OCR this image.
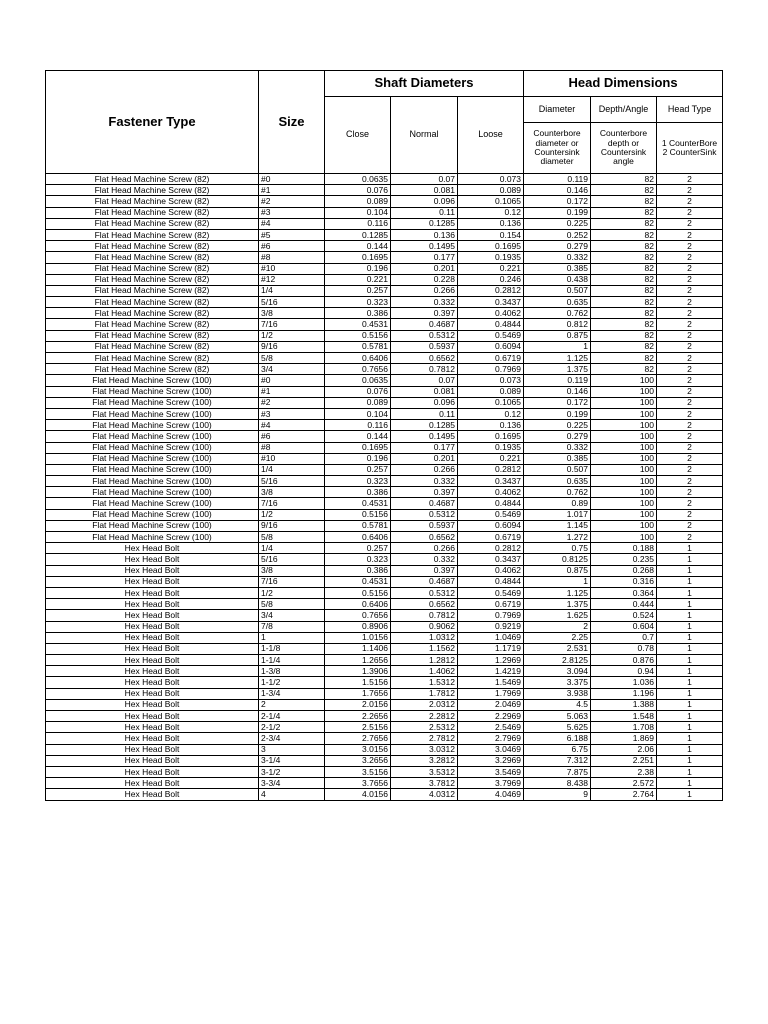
Fastener Type	Size	Shaft Diameters			Head Dimensions		
		Close	Normal	Loose	Diameter	Depth/Angle	Head Type
					Counterbore diameter or Countersink diameter	Counterbore depth or Countersink angle	1 CounterBore 2 CounterSink
Flat Head Machine Screw (82)	#0	0.0635	0.07	0.073	0.119	82	2
Flat Head Machine Screw (82)	#1	0.076	0.081	0.089	0.146	82	2
Flat Head Machine Screw (82)	#2	0.089	0.096	0.1065	0.172	82	2
Flat Head Machine Screw (82)	#3	0.104	0.11	0.12	0.199	82	2
Flat Head Machine Screw (82)	#4	0.116	0.1285	0.136	0.225	82	2
Flat Head Machine Screw (82)	#5	0.1285	0.136	0.154	0.252	82	2
Flat Head Machine Screw (82)	#6	0.144	0.1495	0.1695	0.279	82	2
Flat Head Machine Screw (82)	#8	0.1695	0.177	0.1935	0.332	82	2
Flat Head Machine Screw (82)	#10	0.196	0.201	0.221	0.385	82	2
Flat Head Machine Screw (82)	#12	0.221	0.228	0.246	0.438	82	2
Flat Head Machine Screw (82)	1/4	0.257	0.266	0.2812	0.507	82	2
Flat Head Machine Screw (82)	5/16	0.323	0.332	0.3437	0.635	82	2
Flat Head Machine Screw (82)	3/8	0.386	0.397	0.4062	0.762	82	2
Flat Head Machine Screw (82)	7/16	0.4531	0.4687	0.4844	0.812	82	2
Flat Head Machine Screw (82)	1/2	0.5156	0.5312	0.5469	0.875	82	2
Flat Head Machine Screw (82)	9/16	0.5781	0.5937	0.6094	1	82	2
Flat Head Machine Screw (82)	5/8	0.6406	0.6562	0.6719	1.125	82	2
Flat Head Machine Screw (82)	3/4	0.7656	0.7812	0.7969	1.375	82	2
Flat Head Machine Screw (100)	#0	0.0635	0.07	0.073	0.119	100	2
Flat Head Machine Screw (100)	#1	0.076	0.081	0.089	0.146	100	2
Flat Head Machine Screw (100)	#2	0.089	0.096	0.1065	0.172	100	2
Flat Head Machine Screw (100)	#3	0.104	0.11	0.12	0.199	100	2
Flat Head Machine Screw (100)	#4	0.116	0.1285	0.136	0.225	100	2
Flat Head Machine Screw (100)	#6	0.144	0.1495	0.1695	0.279	100	2
Flat Head Machine Screw (100)	#8	0.1695	0.177	0.1935	0.332	100	2
Flat Head Machine Screw (100)	#10	0.196	0.201	0.221	0.385	100	2
Flat Head Machine Screw (100)	1/4	0.257	0.266	0.2812	0.507	100	2
Flat Head Machine Screw (100)	5/16	0.323	0.332	0.3437	0.635	100	2
Flat Head Machine Screw (100)	3/8	0.386	0.397	0.4062	0.762	100	2
Flat Head Machine Screw (100)	7/16	0.4531	0.4687	0.4844	0.89	100	2
Flat Head Machine Screw (100)	1/2	0.5156	0.5312	0.5469	1.017	100	2
Flat Head Machine Screw (100)	9/16	0.5781	0.5937	0.6094	1.145	100	2
Flat Head Machine Screw (100)	5/8	0.6406	0.6562	0.6719	1.272	100	2
Hex Head Bolt	1/4	0.257	0.266	0.2812	0.75	0.188	1
Hex Head Bolt	5/16	0.323	0.332	0.3437	0.8125	0.235	1
Hex Head Bolt	3/8	0.386	0.397	0.4062	0.875	0.268	1
Hex Head Bolt	7/16	0.4531	0.4687	0.4844	1	0.316	1
Hex Head Bolt	1/2	0.5156	0.5312	0.5469	1.125	0.364	1
Hex Head Bolt	5/8	0.6406	0.6562	0.6719	1.375	0.444	1
Hex Head Bolt	3/4	0.7656	0.7812	0.7969	1.625	0.524	1
Hex Head Bolt	7/8	0.8906	0.9062	0.9219	2	0.604	1
Hex Head Bolt	1	1.0156	1.0312	1.0469	2.25	0.7	1
Hex Head Bolt	1-1/8	1.1406	1.1562	1.1719	2.531	0.78	1
Hex Head Bolt	1-1/4	1.2656	1.2812	1.2969	2.8125	0.876	1
Hex Head Bolt	1-3/8	1.3906	1.4062	1.4219	3.094	0.94	1
Hex Head Bolt	1-1/2	1.5156	1.5312	1.5469	3.375	1.036	1
Hex Head Bolt	1-3/4	1.7656	1.7812	1.7969	3.938	1.196	1
Hex Head Bolt	2	2.0156	2.0312	2.0469	4.5	1.388	1
Hex Head Bolt	2-1/4	2.2656	2.2812	2.2969	5.063	1.548	1
Hex Head Bolt	2-1/2	2.5156	2.5312	2.5469	5.625	1.708	1
Hex Head Bolt	2-3/4	2.7656	2.7812	2.7969	6.188	1.869	1
Hex Head Bolt	3	3.0156	3.0312	3.0469	6.75	2.06	1
Hex Head Bolt	3-1/4	3.2656	3.2812	3.2969	7.312	2.251	1
Hex Head Bolt	3-1/2	3.5156	3.5312	3.5469	7.875	2.38	1
Hex Head Bolt	3-3/4	3.7656	3.7812	3.7969	8.438	2.572	1
Hex Head Bolt	4	4.0156	4.0312	4.0469	9	2.764	1
